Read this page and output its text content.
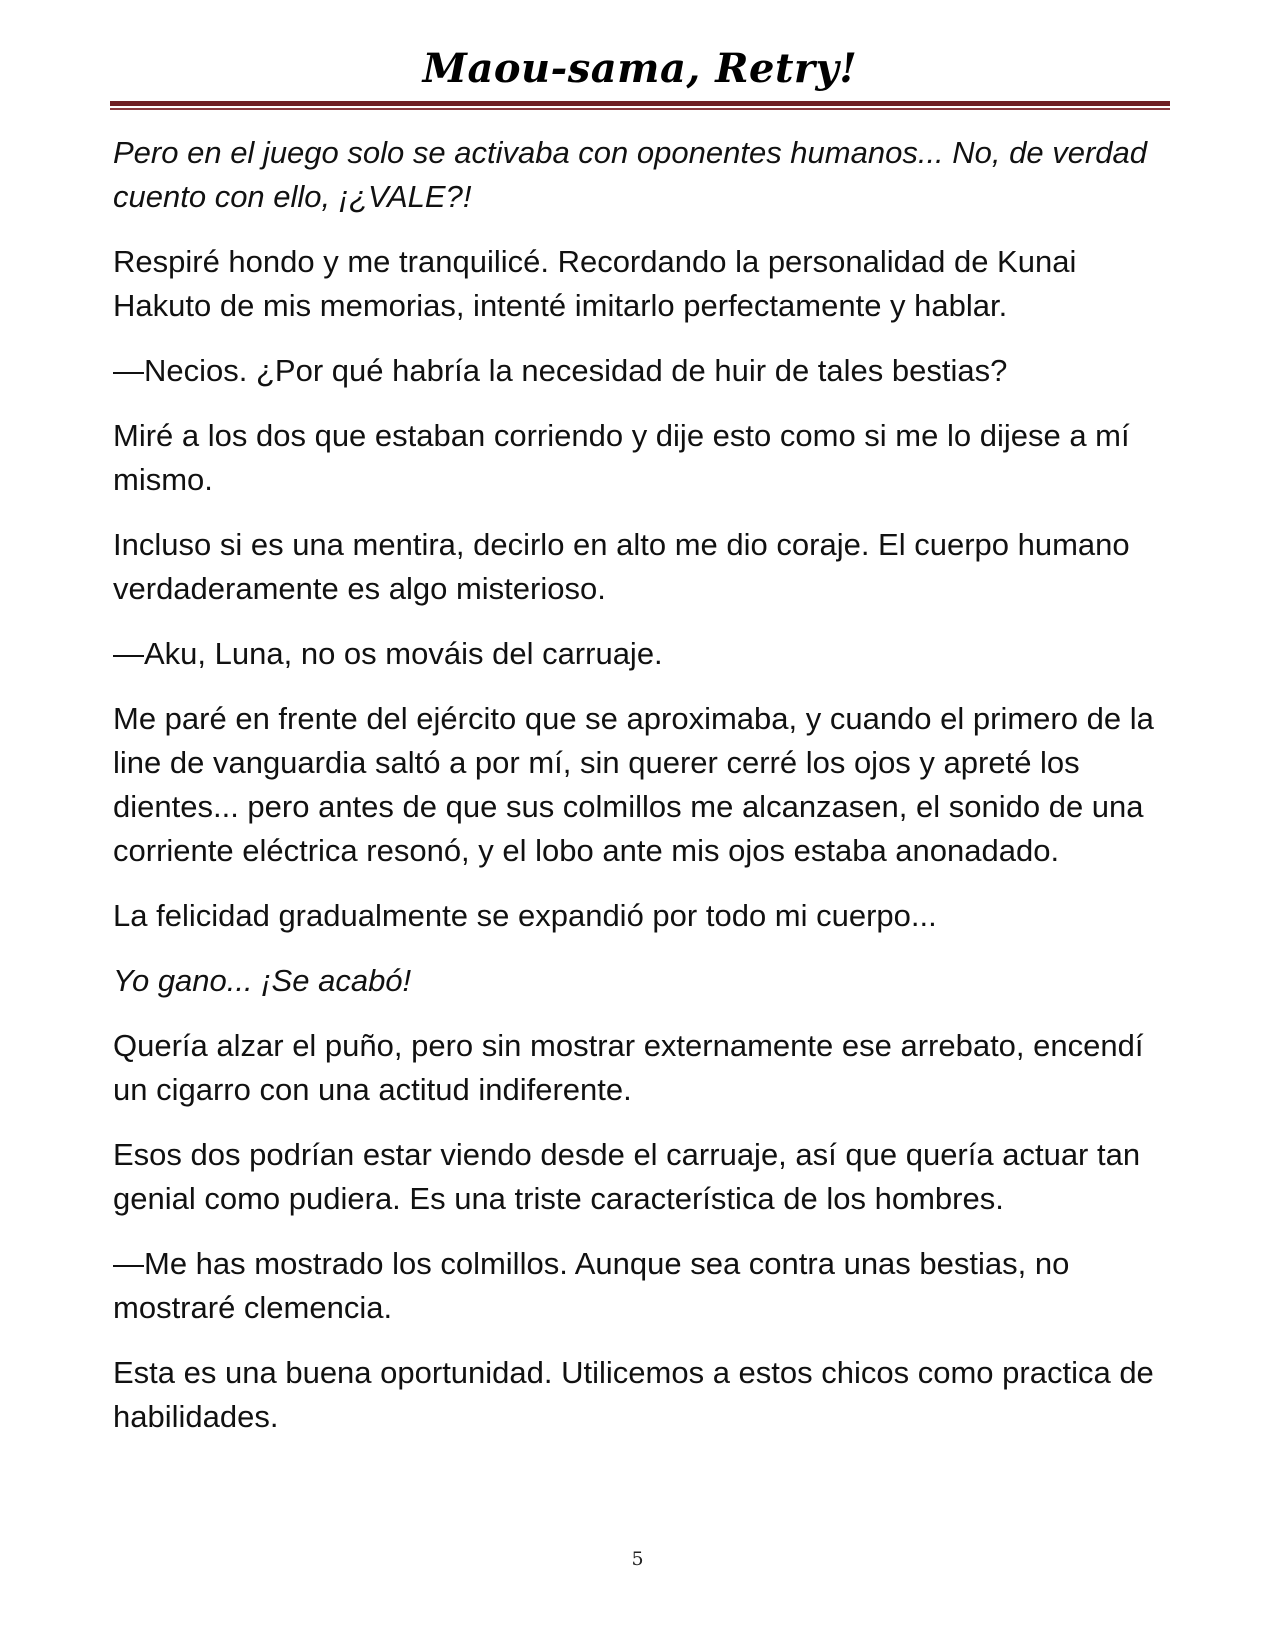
Maou-sama, Retry!

Pero en el juego solo se activaba con oponentes humanos... No, de verdad cuento con ello, ¡¿VALE?!

Respiré hondo y me tranquilicé. Recordando la personalidad de Kunai Hakuto de mis memorias, intenté imitarlo perfectamente y hablar.

—Necios. ¿Por qué habría la necesidad de huir de tales bestias?

Miré a los dos que estaban corriendo y dije esto como si me lo dijese a mí mismo.

Incluso si es una mentira, decirlo en alto me dio coraje. El cuerpo humano verdaderamente es algo misterioso.

—Aku, Luna, no os mováis del carruaje.

Me paré en frente del ejército que se aproximaba, y cuando el primero de la line de vanguardia saltó a por mí, sin querer cerré los ojos y apreté los dientes... pero antes de que sus colmillos me alcanzasen, el sonido de una corriente eléctrica resonó, y el lobo ante mis ojos estaba anonadado.

La felicidad gradualmente se expandió por todo mi cuerpo...

Yo gano... ¡Se acabó!

Quería alzar el puño, pero sin mostrar externamente ese arrebato, encendí un cigarro con una actitud indiferente.

Esos dos podrían estar viendo desde el carruaje, así que quería actuar tan genial como pudiera. Es una triste característica de los hombres.

—Me has mostrado los colmillos. Aunque sea contra unas bestias, no mostraré clemencia.

Esta es una buena oportunidad. Utilicemos a estos chicos como practica de habilidades.

5
